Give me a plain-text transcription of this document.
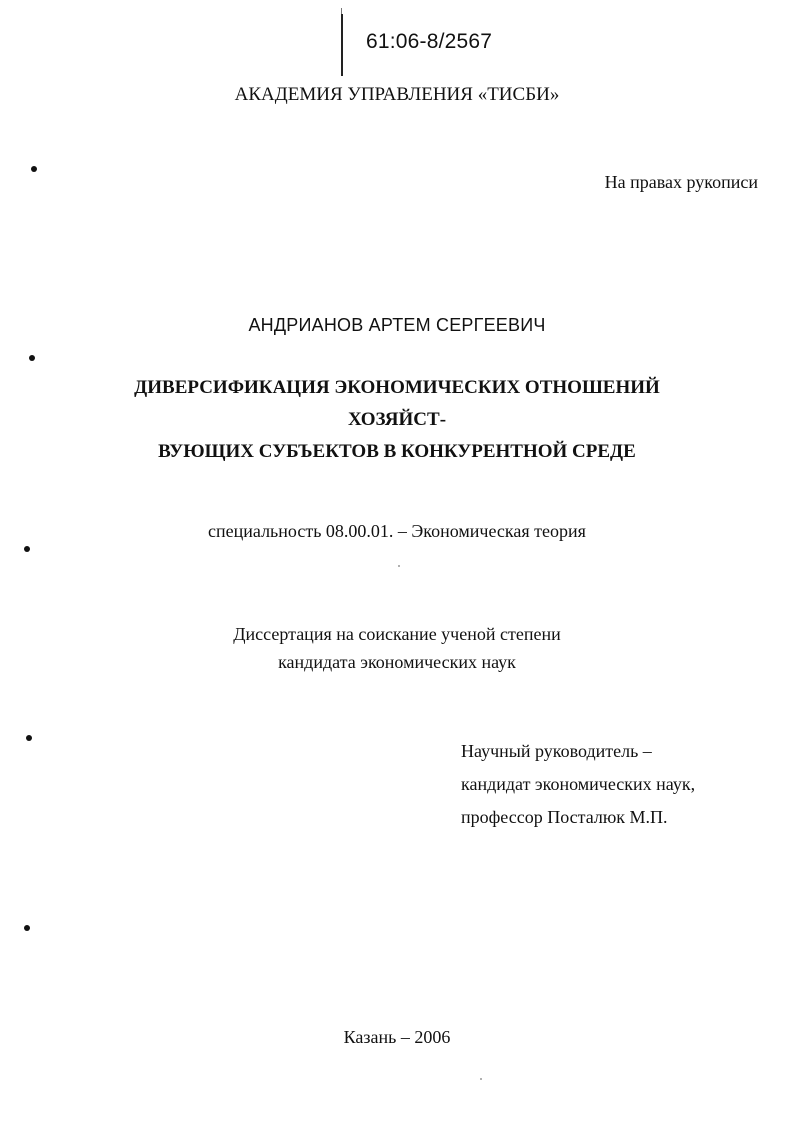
61:06-8/2567
АКАДЕМИЯ УПРАВЛЕНИЯ «ТИСБИ»
На правах рукописи
АНДРИАНОВ АРТЕМ СЕРГЕЕВИЧ
ДИВЕРСИФИКАЦИЯ ЭКОНОМИЧЕСКИХ ОТНОШЕНИЙ ХОЗЯЙСТ-
ВУЮЩИХ СУБЪЕКТОВ В КОНКУРЕНТНОЙ СРЕДЕ
специальность 08.00.01. – Экономическая теория
Диссертация на соискание ученой степени
кандидата экономических наук
Научный руководитель –
кандидат экономических наук,
профессор Посталюк М.П.
Казань – 2006
